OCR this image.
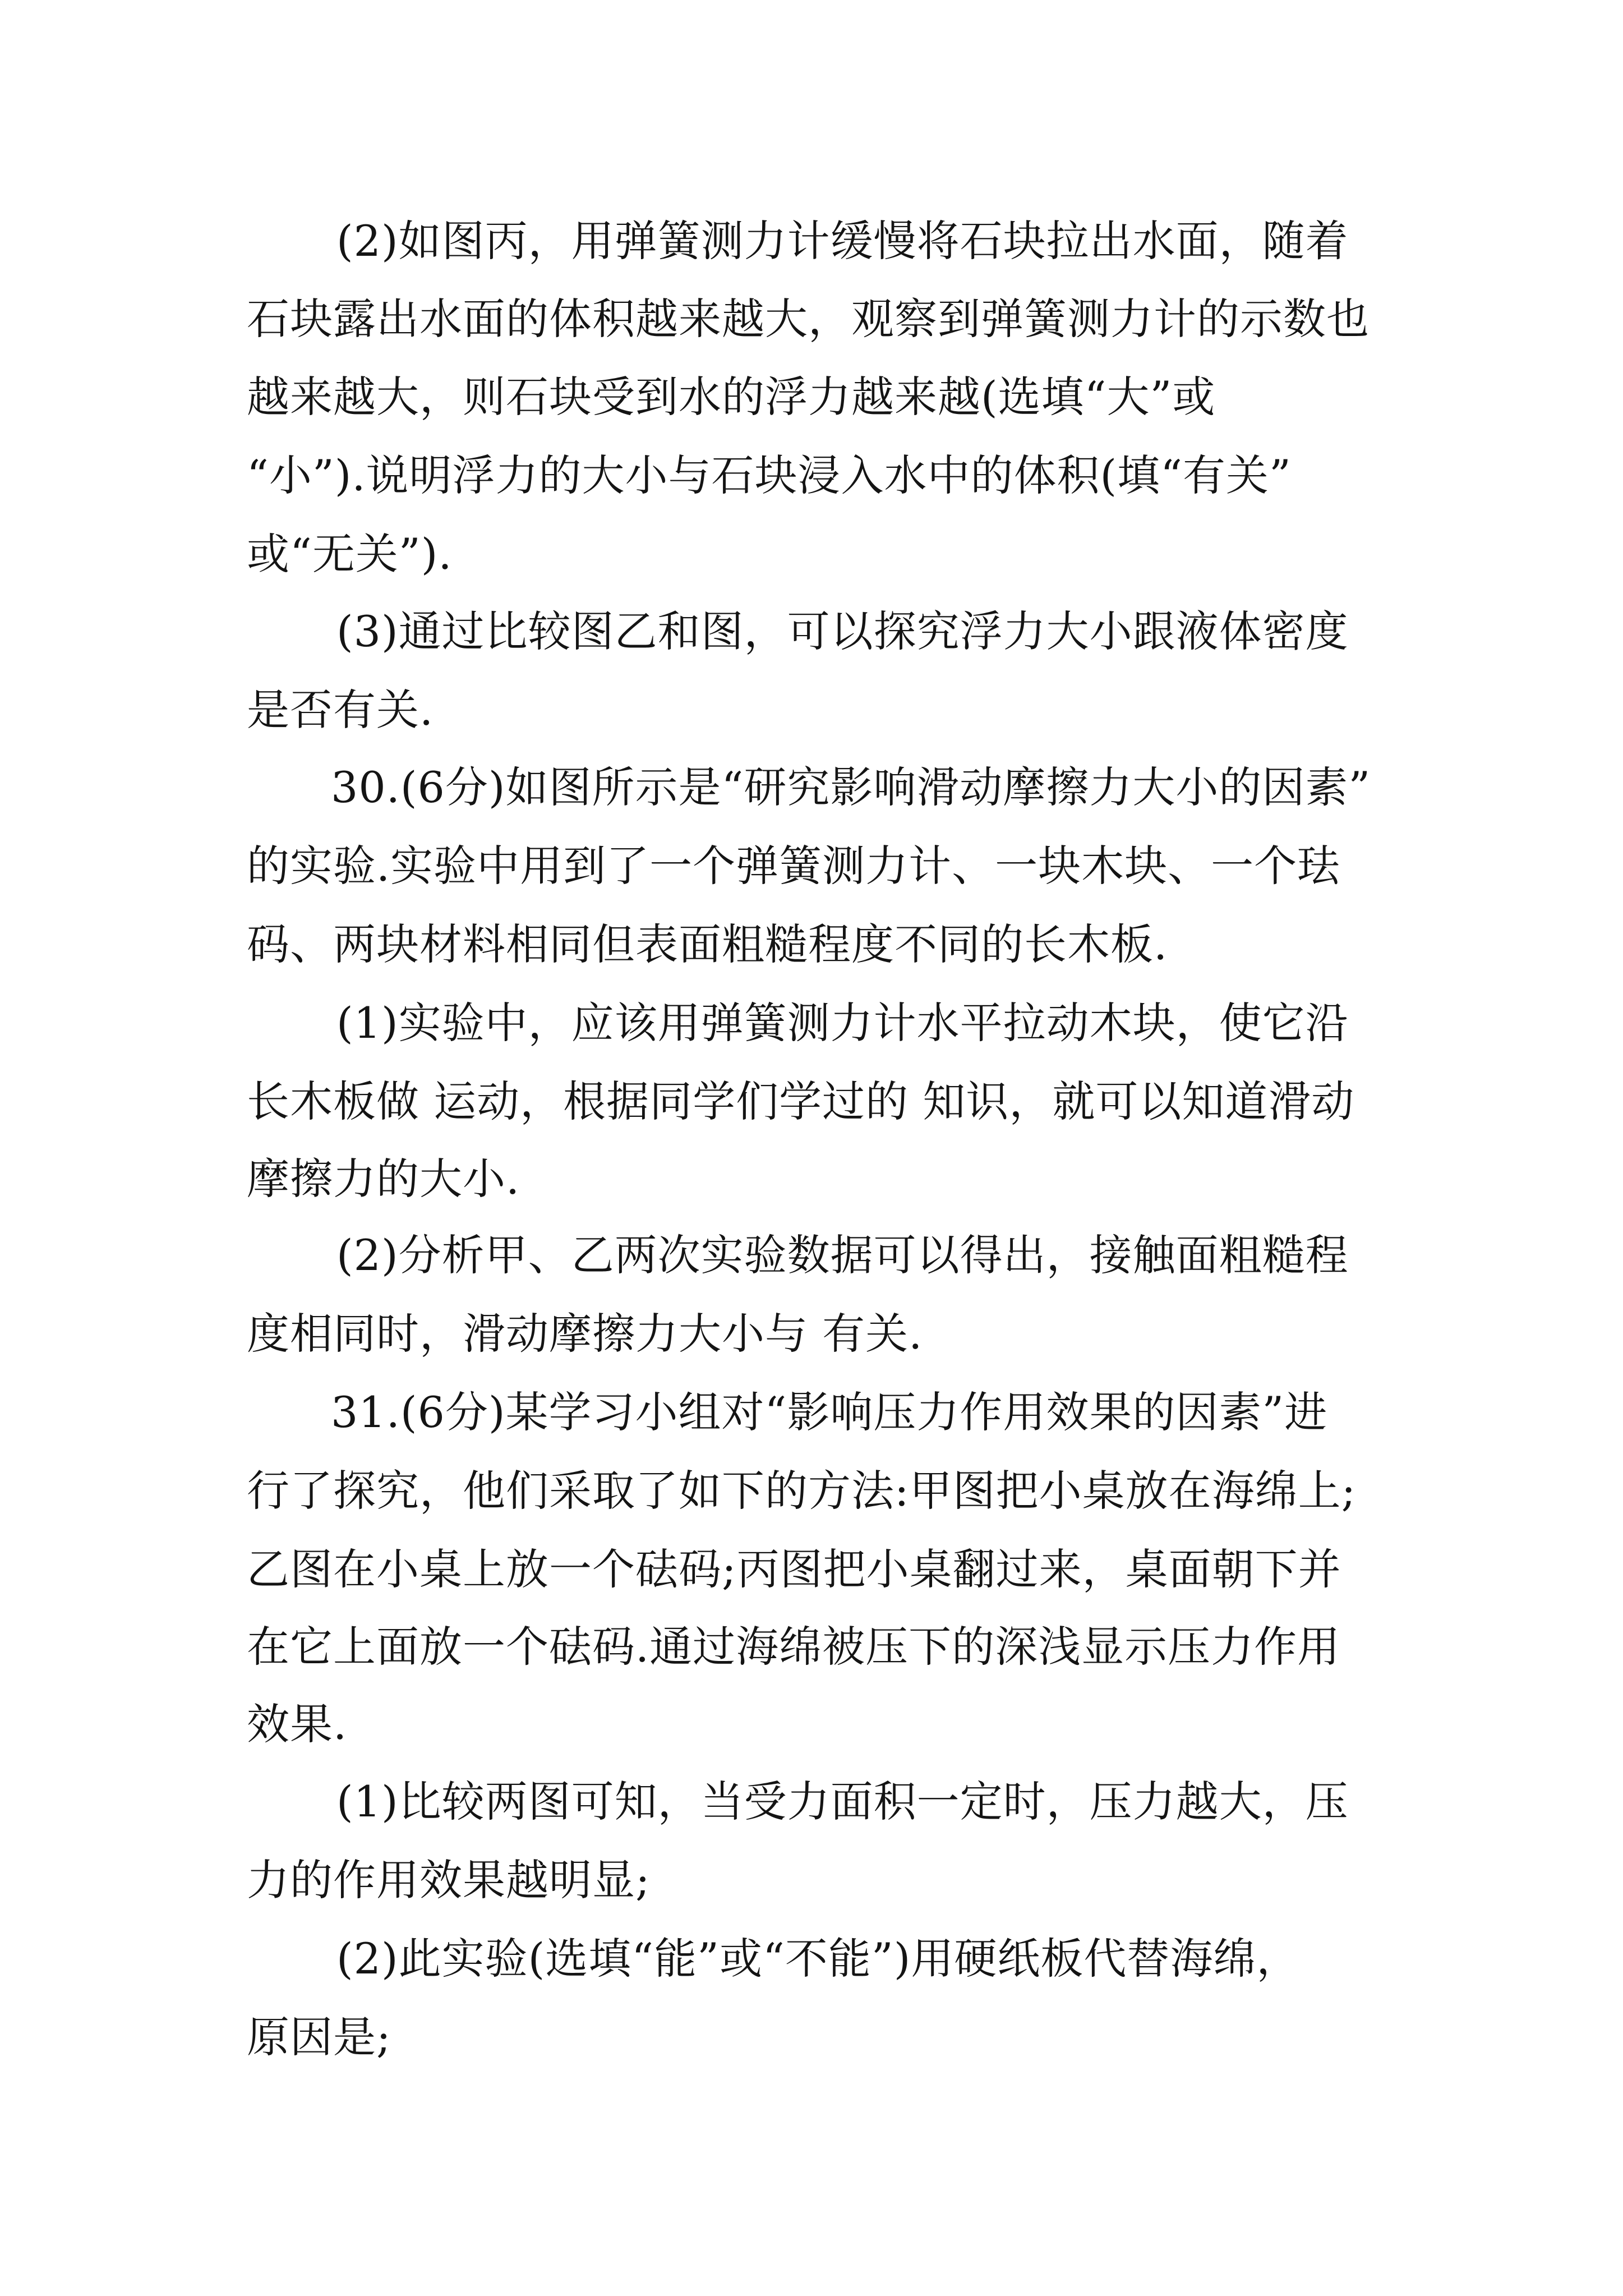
(2)如图丙，用弹簧测力计缓慢将石块拉出水面，随着
石块露出水面的体积越来越大，观察到弹簧测力计的示数也
越来越大，则石块受到水的浮力越来越(选填“大”或
“小”).说明浮力的大小与石块浸入水中的体积(填“有关”
或“无关”).
(3)通过比较图乙和图，可以探究浮力大小跟液体密度
是否有关.
30.(6分)如图所示是“研究影响滑动摩擦力大小的因素”
的实验.实验中用到了一个弹簧测力计、一块木块、一个珐
码、两块材料相同但表面粗糙程度不同的长木板.
(1)实验中，应该用弹簧测力计水平拉动木块，使它沿
长木板做 运动，根据同学们学过的 知识，就可以知道滑动
摩擦力的大小.
(2)分析甲、乙两次实验数据可以得出，接触面粗糙程
度相同时，滑动摩擦力大小与 有关.
31.(6分)某学习小组对“影响压力作用效果的因素”进
行了探究，他们采取了如下的方法:甲图把小桌放在海绵上;
乙图在小桌上放一个砝码;丙图把小桌翻过来，桌面朝下并
在它上面放一个砝码.通过海绵被压下的深浅显示压力作用
效果.
(1)比较两图可知，当受力面积一定时，压力越大，压
力的作用效果越明显;
(2)此实验(选填“能”或“不能”)用硬纸板代替海绵，
原因是;
